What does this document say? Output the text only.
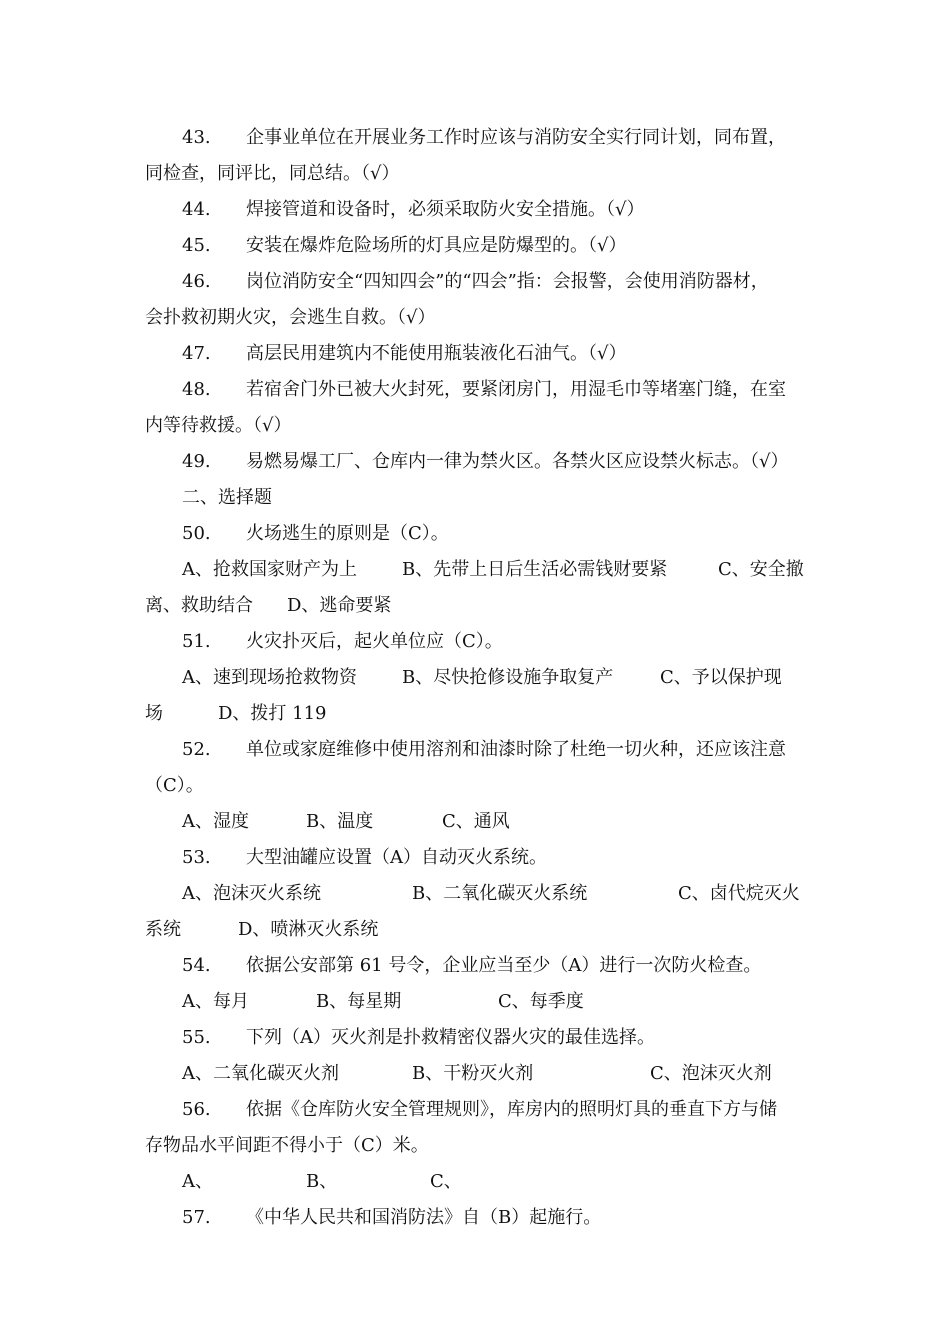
43. 企事业单位在开展业务工作时应该与消防安全实行同计划，同布置，
同检查，同评比，同总结。（√）
44. 焊接管道和设备时，必须采取防火安全措施。（√）
45. 安装在爆炸危险场所的灯具应是防爆型的。（√）
46. 岗位消防安全“四知四会”的“四会”指：会报警，会使用消防器材，
会扑救初期火灾，会逃生自救。（√）
47. 高层民用建筑内不能使用瓶装液化石油气。（√）
48. 若宿舍门外已被大火封死，要紧闭房门，用湿毛巾等堵塞门缝，在室
内等待救援。（√）
49. 易燃易爆工厂、仓库内一律为禁火区。各禁火区应设禁火标志。（√）
二、选择题
50. 火场逃生的原则是（C）。
A、抢救国家财产为上	B、先带上日后生活必需钱财要紧	C、安全撤
离、救助结合 D、逃命要紧
51. 火灾扑灭后，起火单位应（C）。
A、速到现场抢救物资	B、尽快抢修设施争取复产	C、予以保护现
场	D、拨打 119
52. 单位或家庭维修中使用溶剂和油漆时除了杜绝一切火种，还应该注意
（C）。
A、湿度	B、温度	C、通风
53. 大型油罐应设置（A）自动灭火系统。
A、泡沫灭火系统	B、二氧化碳灭火系统	C、卤代烷灭火
系统	D、喷淋灭火系统
54. 依据公安部第 61 号令，企业应当至少（A）进行一次防火检查。
A、每月	B、每星期	C、每季度
55. 下列（A）灭火剂是扑救精密仪器火灾的最佳选择。
A、二氧化碳灭火剂	B、干粉灭火剂	C、泡沫灭火剂
56. 依据《仓库防火安全管理规则》，库房内的照明灯具的垂直下方与储
存物品水平间距不得小于（C）米。
A、	B、	C、
57. 《中华人民共和国消防法》自（B）起施行。
